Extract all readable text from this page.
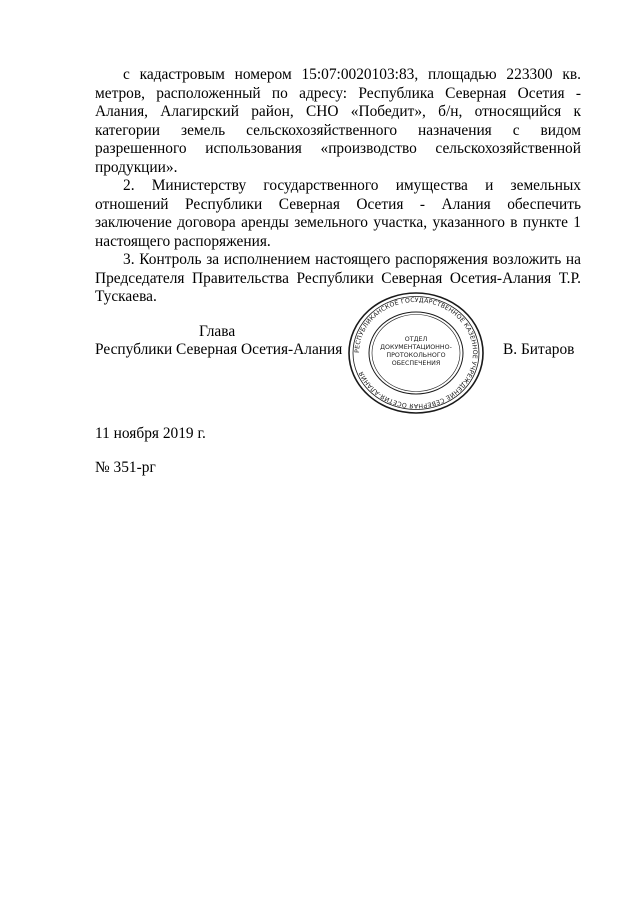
с кадастровым номером 15:07:0020103:83, площадью 223300 кв. метров, расположенный по адресу: Республика Северная Осетия - Алания, Алагирский район, СНО «Победит», б/н, относящийся к категории земель сельскохозяйственного назначения с видом разрешенного использования «производство сельскохозяйственной продукции».

2. Министерству государственного имущества и земельных отношений Республики Северная Осетия - Алания обеспечить заключение договора аренды земельного участка, указанного в пункте 1 настоящего распоряжения.

3. Контроль за исполнением настоящего распоряжения возложить на Председателя Правительства Республики Северная Осетия-Алания Т.Р. Тускаева.

Глава
Республики Северная Осетия-Алания	В. Битаров
РЕСПУБЛИКАНСКОЕ ГОСУДАРСТВЕННОЕ КАЗЕННОЕ УЧРЕЖДЕНИЕ СЕВЕРНАЯ ОСЕТИЯ-АЛАНИЯ
ОТДЕЛ
ДОКУМЕНТАЦИОННО-
ПРОТОКОЛЬНОГО
ОБЕСПЕЧЕНИЯ
11 ноября 2019 г.
№ 351-рг
